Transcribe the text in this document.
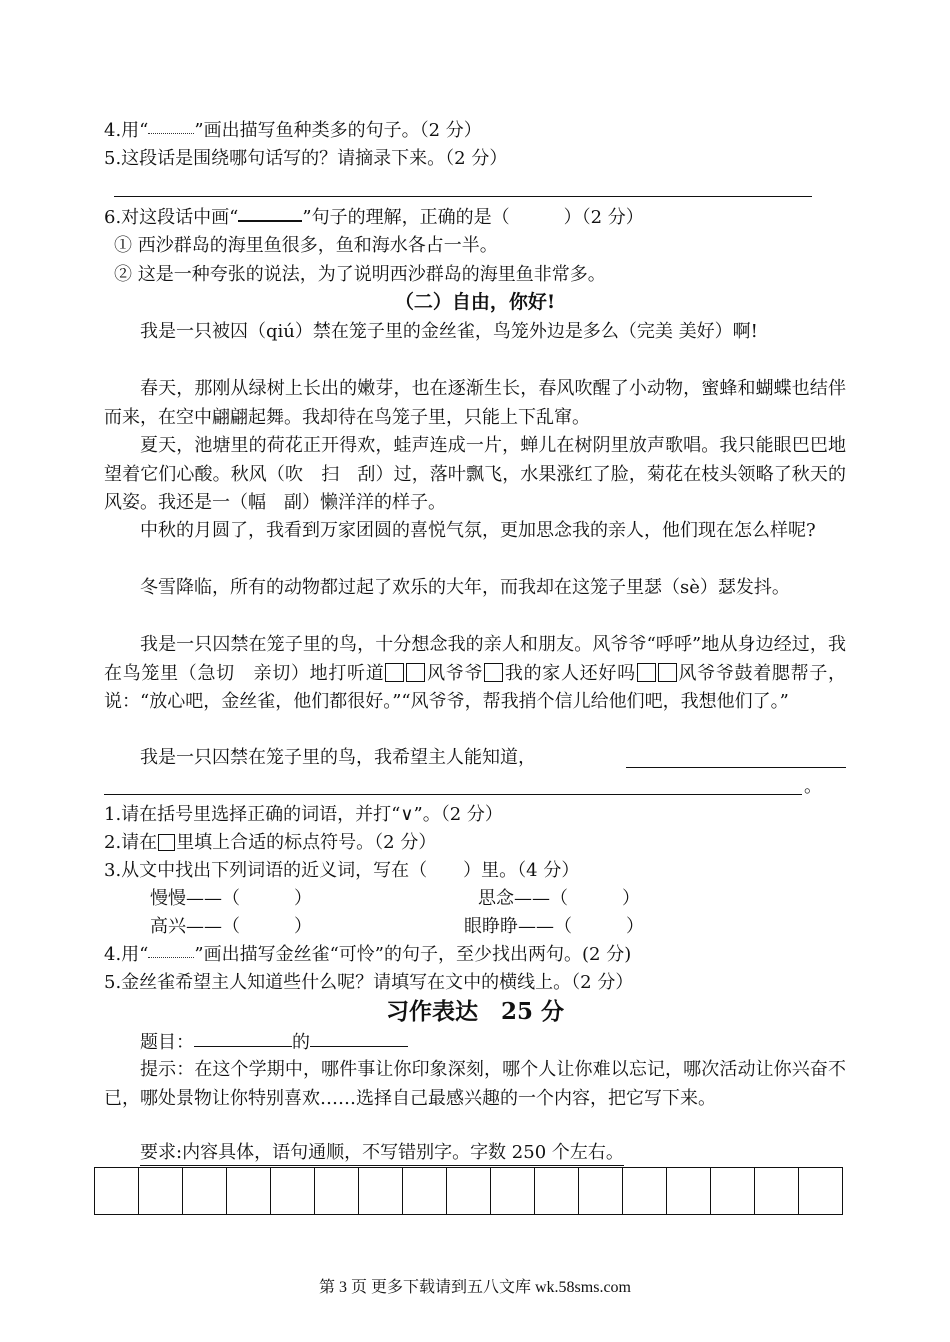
4.用“	”画出描写鱼种类多的句子。（2 分）
5.这段话是围绕哪句话写的？请摘录下来。（2 分）
6.对这段话中画“	”句子的理解，正确的是（　　　）（2 分）
① 西沙群岛的海里鱼很多，鱼和海水各占一半。
② 这是一种夸张的说法，为了说明西沙群岛的海里鱼非常多。
（二）自由，你好!
我是一只被囚（qiú）禁在笼子里的金丝雀，鸟笼外边是多么（完美 美好）啊!
春天，那刚从绿树上长出的嫩芽，也在逐渐生长，春风吹醒了小动物，蜜蜂和蝴蝶也结伴而来，在空中翩翩起舞。我却待在鸟笼子里，只能上下乱窜。
夏天，池塘里的荷花正开得欢，蛙声连成一片，蝉儿在树阴里放声歌唱。我只能眼巴巴地望着它们心酸。秋风（吹　扫　刮）过，落叶飘飞，水果涨红了脸，菊花在枝头领略了秋天的风姿。我还是一（幅　副）懒洋洋的样子。
中秋的月圆了，我看到万家团圆的喜悦气氛，更加思念我的亲人，他们现在怎么样呢?
冬雪降临，所有的动物都过起了欢乐的大年，而我却在这笼子里瑟（sè）瑟发抖。
我是一只囚禁在笼子里的鸟，十分想念我的亲人和朋友。风爷爷“呼呼”地从身边经过，我在鸟笼里（急切　亲切）地打听道 风爷爷 我的家人还好吗 风爷爷鼓着腮帮子，说：“放心吧，金丝雀，他们都很好。”“风爷爷，帮我捎个信儿给他们吧，我想他们了。”
我是一只囚禁在笼子里的鸟，我希望主人能知道，
。
1.请在括号里选择正确的词语，并打“∨”。（2 分）
2.请在 里填上合适的标点符号。（2 分）
3.从文中找出下列词语的近义词，写在（　　）里。（4 分）
慢慢——（　　　）	思念——（　　　）
高兴——（　　　）	眼睁睁——（　　　）
4.用“	”画出描写金丝雀“可怜”的句子，至少找出两句。(2 分)
5.金丝雀希望主人知道些什么呢？请填写在文中的横线上。（2 分）
习作表达　25 分
题目：	的
提示：在这个学期中，哪件事让你印象深刻，哪个人让你难以忘记，哪次活动让你兴奋不已，哪处景物让你特别喜欢……选择自己最感兴趣的一个内容，把它写下来。
要求:内容具体，语句通顺，不写错别字。字数 250 个左右。

第 3 页 更多下载请到五八文库 wk.58sms.com
